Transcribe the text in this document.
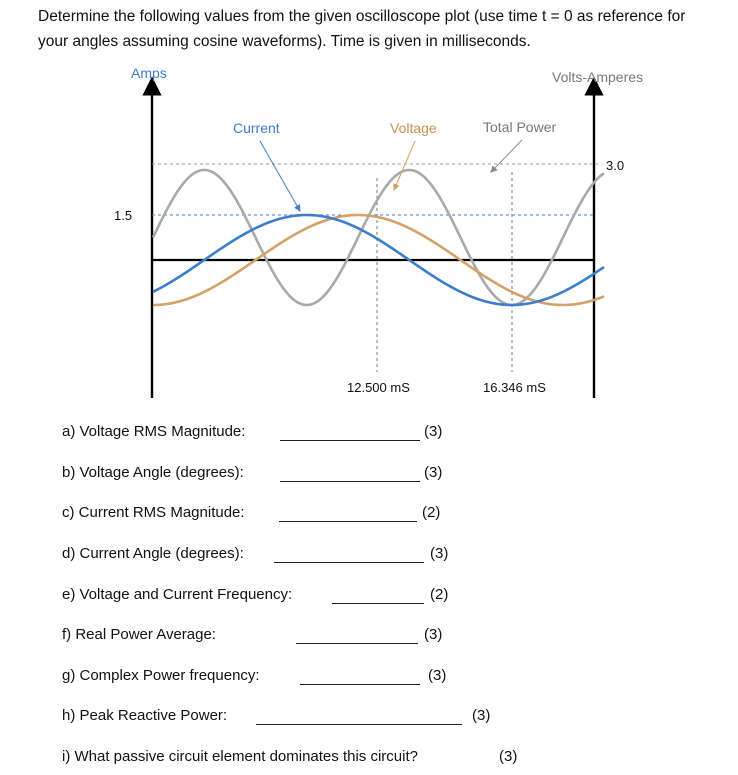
Determine the following values from the given oscilloscope plot (use time t = 0 as reference for your angles assuming cosine waveforms). Time is given in milliseconds.
Amps	Volts-Amperes
1.5
3.0
Current	Voltage	Total Power
12.500 mS	16.346 mS
a) Voltage RMS Magnitude:	(3)
b) Voltage Angle (degrees):	(3)
c) Current RMS Magnitude:	(2)
d) Current Angle (degrees):	(3)
e) Voltage and Current Frequency:	(2)
f) Real Power Average:	(3)
g) Complex Power frequency:	(3)
h) Peak Reactive Power:	(3)
i) What passive circuit element dominates this circuit?	(3)
